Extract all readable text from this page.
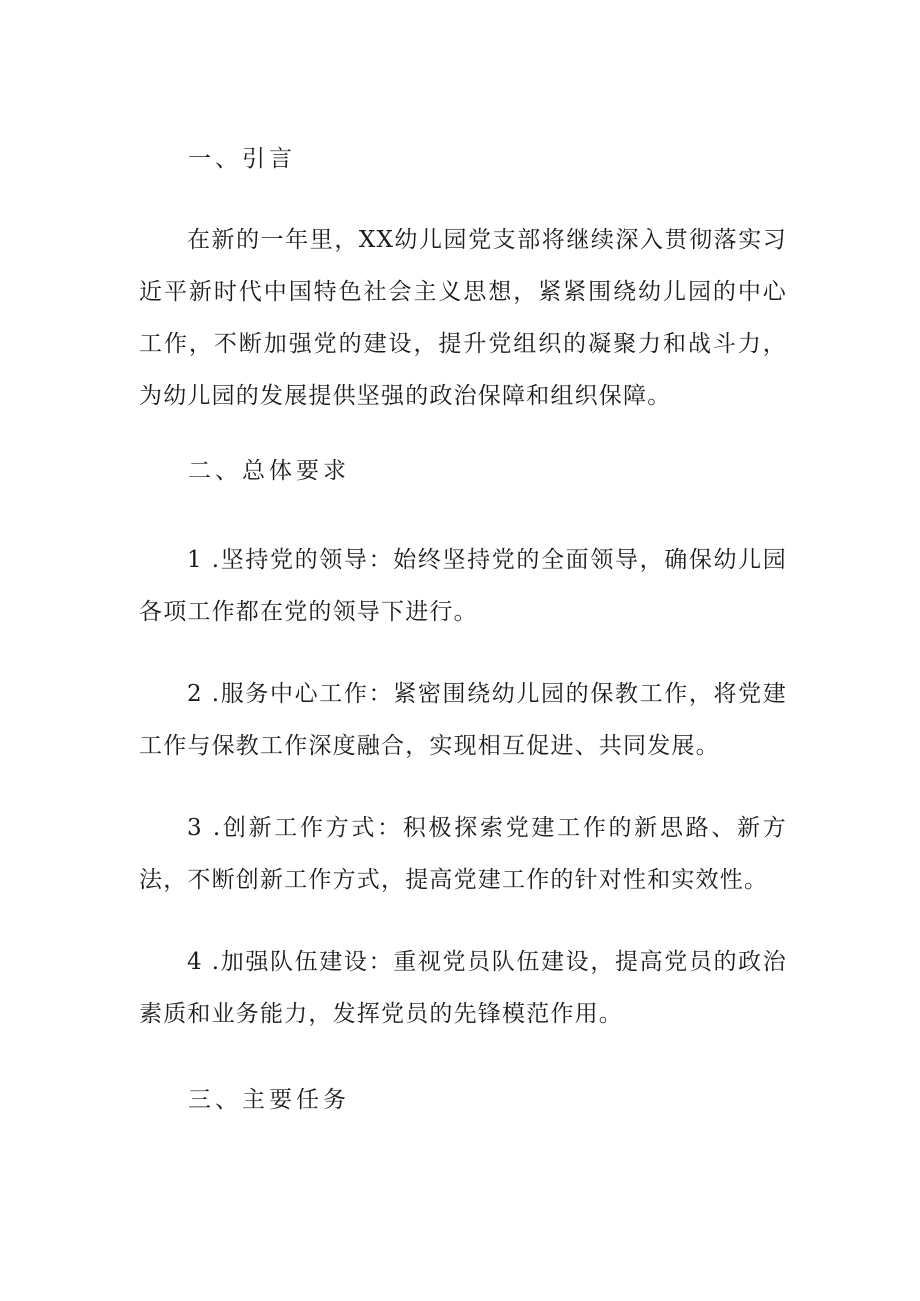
一、引言
在新的一年里，XX幼儿园党支部将继续深入贯彻落实习近平新时代中国特色社会主义思想，紧紧围绕幼儿园的中心工作，不断加强党的建设，提升党组织的凝聚力和战斗力，为幼儿园的发展提供坚强的政治保障和组织保障。
二、总体要求
1 .坚持党的领导：始终坚持党的全面领导，确保幼儿园各项工作都在党的领导下进行。
2 .服务中心工作：紧密围绕幼儿园的保教工作，将党建工作与保教工作深度融合，实现相互促进、共同发展。
3 .创新工作方式：积极探索党建工作的新思路、新方法，不断创新工作方式，提高党建工作的针对性和实效性。
4 .加强队伍建设：重视党员队伍建设，提高党员的政治素质和业务能力，发挥党员的先锋模范作用。
三、主要任务
